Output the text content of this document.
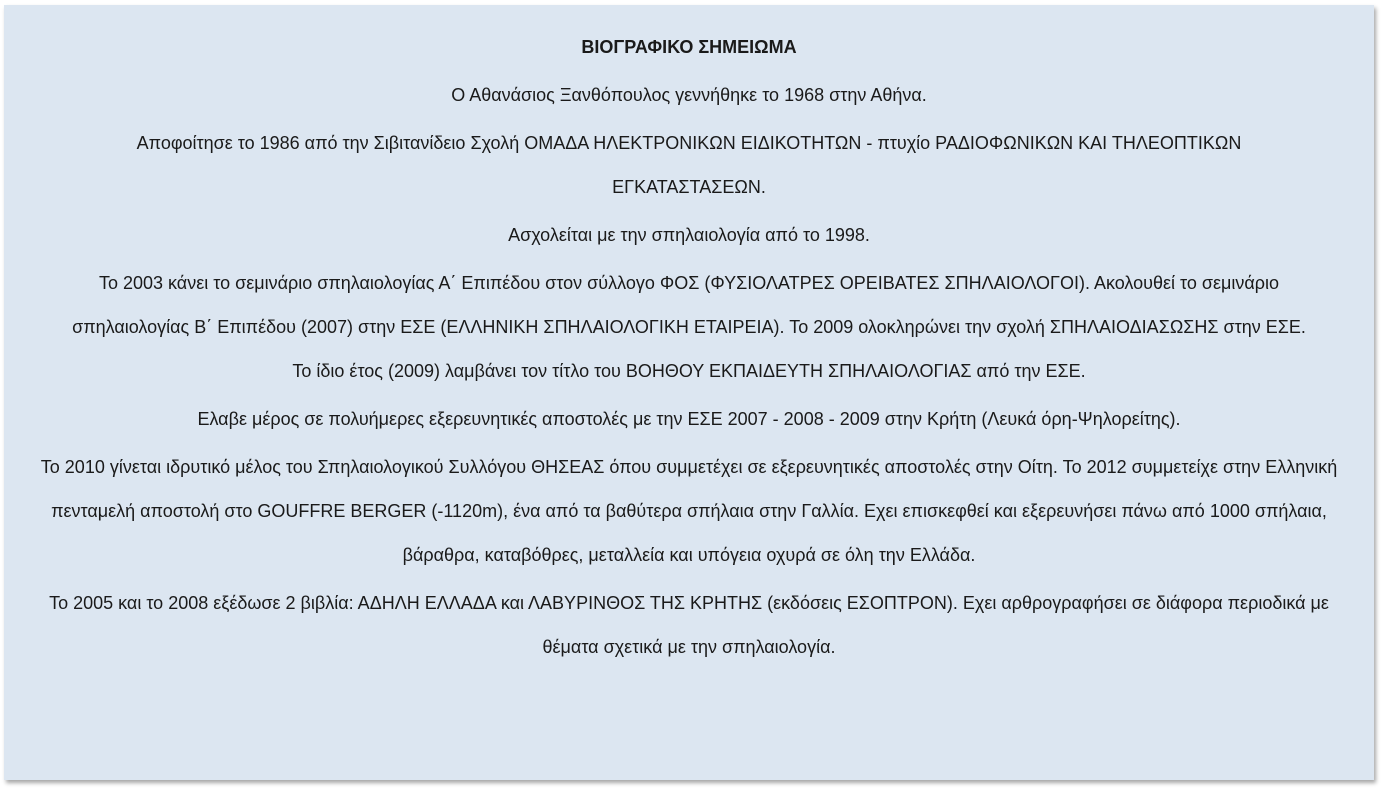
ΒΙΟΓΡΑΦΙΚΟ ΣΗΜΕΙΩΜΑ
Ο Αθανάσιος Ξανθόπουλος γεννήθηκε το 1968 στην Αθήνα.
Αποφοίτησε το 1986 από την Σιβιτανίδειο Σχολή ΟΜΑΔΑ ΗΛΕΚΤΡΟΝΙΚΩΝ ΕΙΔΙΚΟΤΗΤΩΝ - πτυχίο ΡΑΔΙΟΦΩΝΙΚΩΝ ΚΑΙ ΤΗΛΕΟΠΤΙΚΩΝ ΕΓΚΑΤΑΣΤΑΣΕΩΝ.
Ασχολείται με την σπηλαιολογία από το 1998.
Το 2003 κάνει το σεμινάριο σπηλαιολογίας Α΄ Επιπέδου στον σύλλογο ΦΟΣ (ΦΥΣΙΟΛΑΤΡΕΣ ΟΡΕΙΒΑΤΕΣ ΣΠΗΛΑΙΟΛΟΓΟΙ). Ακολουθεί το σεμινάριο σπηλαιολογίας Β΄ Επιπέδου (2007) στην ΕΣΕ (ΕΛΛΗΝΙΚΗ ΣΠΗΛΑΙΟΛΟΓΙΚΗ ΕΤΑΙΡΕΙΑ). Το 2009 ολοκληρώνει την σχολή ΣΠΗΛΑΙΟΔΙΑΣΩΣΗΣ στην ΕΣΕ. Το ίδιο έτος (2009) λαμβάνει τον τίτλο του ΒΟΗΘΟΥ ΕΚΠΑΙΔΕΥΤΗ ΣΠΗΛΑΙΟΛΟΓΙΑΣ από την ΕΣΕ.
Ελαβε μέρος σε πολυήμερες εξερευνητικές αποστολές με την ΕΣΕ 2007 - 2008 - 2009 στην Κρήτη (Λευκά όρη-Ψηλορείτης).
Το 2010 γίνεται ιδρυτικό μέλος του Σπηλαιολογικού Συλλόγου ΘΗΣΕΑΣ όπου συμμετέχει σε εξερευνητικές αποστολές στην Οίτη. Το 2012 συμμετείχε στην Ελληνική πενταμελή αποστολή στο GOUFFRE BERGER (-1120m), ένα από τα βαθύτερα σπήλαια στην Γαλλία. Εχει επισκεφθεί και εξερευνήσει πάνω από 1000 σπήλαια, βάραθρα, καταβόθρες, μεταλλεία και υπόγεια οχυρά σε όλη την Ελλάδα.
Το 2005 και το 2008 εξέδωσε 2 βιβλία: ΑΔΗΛΗ ΕΛΛΑΔΑ και ΛΑΒΥΡΙΝΘΟΣ ΤΗΣ ΚΡΗΤΗΣ (εκδόσεις ΕΣΟΠΤΡΟΝ). Εχει αρθρογραφήσει σε διάφορα περιοδικά με θέματα σχετικά με την σπηλαιολογία.
